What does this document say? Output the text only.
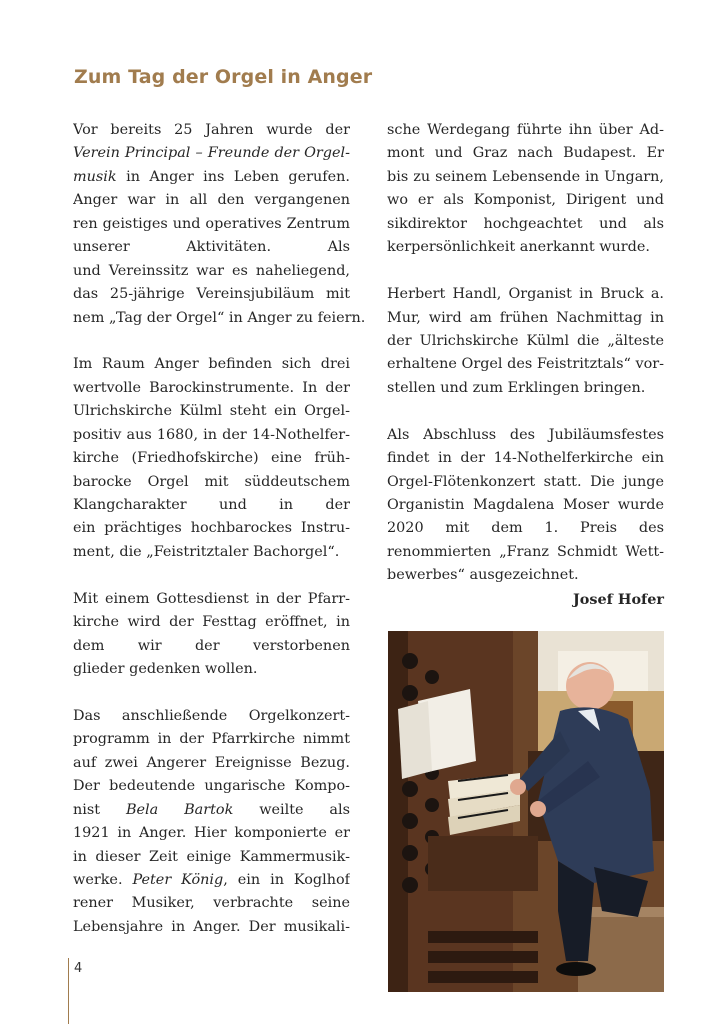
Zum Tag der Orgel in Anger
Vor bereits 25 Jahren wurde der
Verein Principal – Freunde der Orgel-
musik in Anger ins Leben gerufen.
Anger war in all den vergangenen
ren geistiges und operatives Zentrum
unserer Aktivitäten. Als
und Vereinssitz war es naheliegend,
das 25-jährige Vereinsjubiläum mit
nem „Tag der Orgel“ in Anger zu feiern.
Im Raum Anger befinden sich drei
wertvolle Barockinstrumente. In der
Ulrichskirche Külml steht ein Orgel-
positiv aus 1680, in der 14-Nothelfer-
kirche (Friedhofskirche) eine früh-
barocke Orgel mit süddeutschem
Klangcharakter und in der
ein prächtiges hochbarockes Instru-
ment, die „Feistritztaler Bachorgel“.
Mit einem Gottesdienst in der Pfarr-
kirche wird der Festtag eröffnet, in
dem wir der verstorbenen
glieder gedenken wollen.
Das anschließende Orgelkonzert-
programm in der Pfarrkirche nimmt
auf zwei Angerer Ereignisse Bezug.
Der bedeutende ungarische Kompo-
nist Bela Bartok weilte als
1921 in Anger. Hier komponierte er
in dieser Zeit einige Kammermusik-
werke. Peter König, ein in Koglhof
rener Musiker, verbrachte seine
Lebensjahre in Anger. Der musikali-
sche Werdegang führte ihn über Ad-
mont und Graz nach Budapest. Er
bis zu seinem Lebensende in Ungarn,
wo er als Komponist, Dirigent und
sikdirektor hochgeachtet und als
kerpersönlichkeit anerkannt wurde.
Herbert Handl, Organist in Bruck a.
Mur, wird am frühen Nachmittag in
der Ulrichskirche Külml die „älteste
erhaltene Orgel des Feistritztals“ vor-
stellen und zum Erklingen bringen.
Als Abschluss des Jubiläumsfestes
findet in der 14-Nothelferkirche ein
Orgel-Flötenkonzert statt. Die junge
Organistin Magdalena Moser wurde
2020 mit dem 1. Preis des
renommierten „Franz Schmidt Wett-
bewerbes“ ausgezeichnet.
Josef Hofer
4
